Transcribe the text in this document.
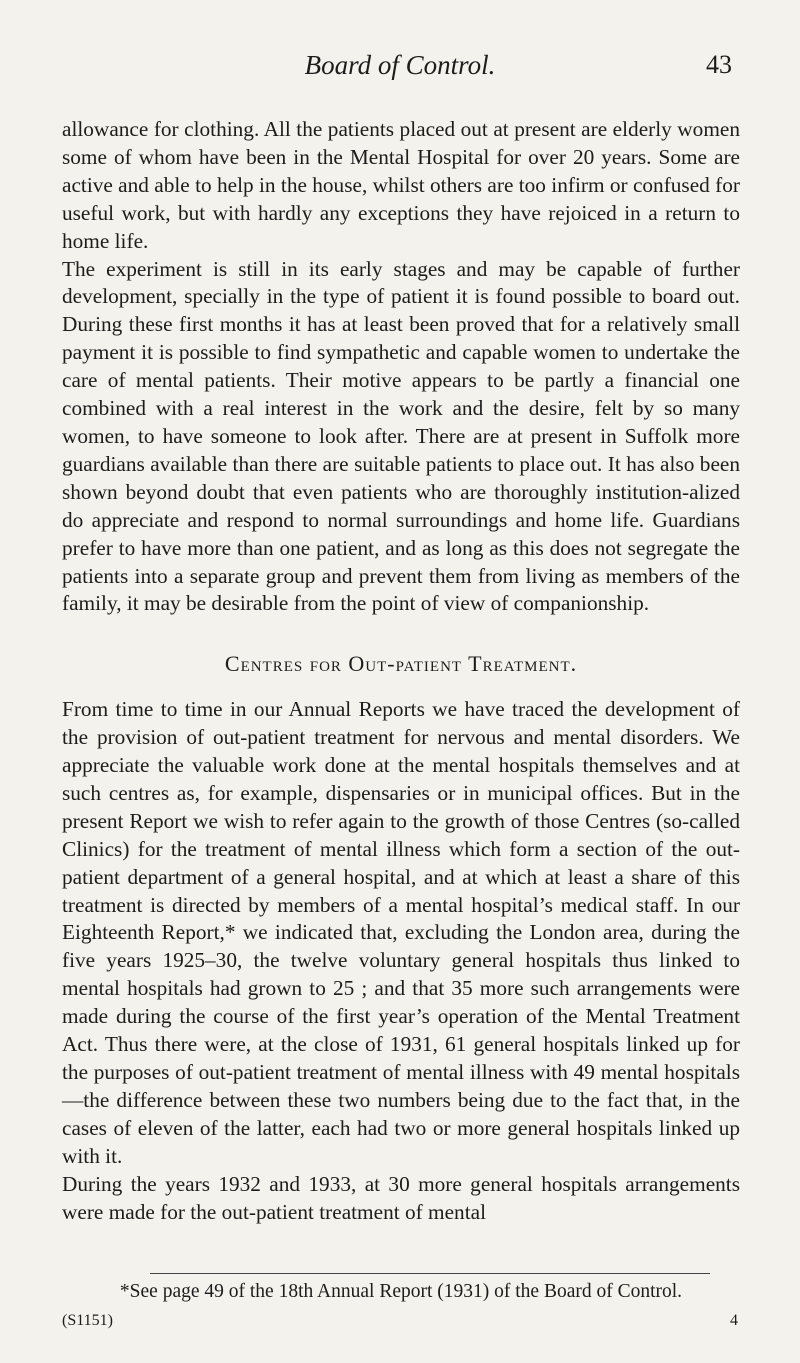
Board of Control.	43

allowance for clothing. All the patients placed out at present are elderly women some of whom have been in the Mental Hospital for over 20 years. Some are active and able to help in the house, whilst others are too infirm or confused for useful work, but with hardly any exceptions they have rejoiced in a return to home life.

The experiment is still in its early stages and may be capable of further development, specially in the type of patient it is found possible to board out. During these first months it has at least been proved that for a relatively small payment it is possible to find sympathetic and capable women to undertake the care of mental patients. Their motive appears to be partly a financial one combined with a real interest in the work and the desire, felt by so many women, to have someone to look after. There are at present in Suffolk more guardians available than there are suitable patients to place out. It has also been shown beyond doubt that even patients who are thoroughly institution-alized do appreciate and respond to normal surroundings and home life. Guardians prefer to have more than one patient, and as long as this does not segregate the patients into a separate group and prevent them from living as members of the family, it may be desirable from the point of view of companionship.

Centres for Out-patient Treatment.

From time to time in our Annual Reports we have traced the development of the provision of out-patient treatment for nervous and mental disorders. We appreciate the valuable work done at the mental hospitals themselves and at such centres as, for example, dispensaries or in municipal offices. But in the present Report we wish to refer again to the growth of those Centres (so-called Clinics) for the treatment of mental illness which form a section of the out-patient department of a general hospital, and at which at least a share of this treatment is directed by members of a mental hospital’s medical staff. In our Eighteenth Report,* we indicated that, excluding the London area, during the five years 1925–30, the twelve voluntary general hospitals thus linked to mental hospitals had grown to 25 ; and that 35 more such arrangements were made during the course of the first year’s operation of the Mental Treatment Act. Thus there were, at the close of 1931, 61 general hospitals linked up for the purposes of out-patient treatment of mental illness with 49 mental hospitals—the difference between these two numbers being due to the fact that, in the cases of eleven of the latter, each had two or more general hospitals linked up with it.

During the years 1932 and 1933, at 30 more general hospitals arrangements were made for the out-patient treatment of mental

*See page 49 of the 18th Annual Report (1931) of the Board of Control.
(S1151)	4
